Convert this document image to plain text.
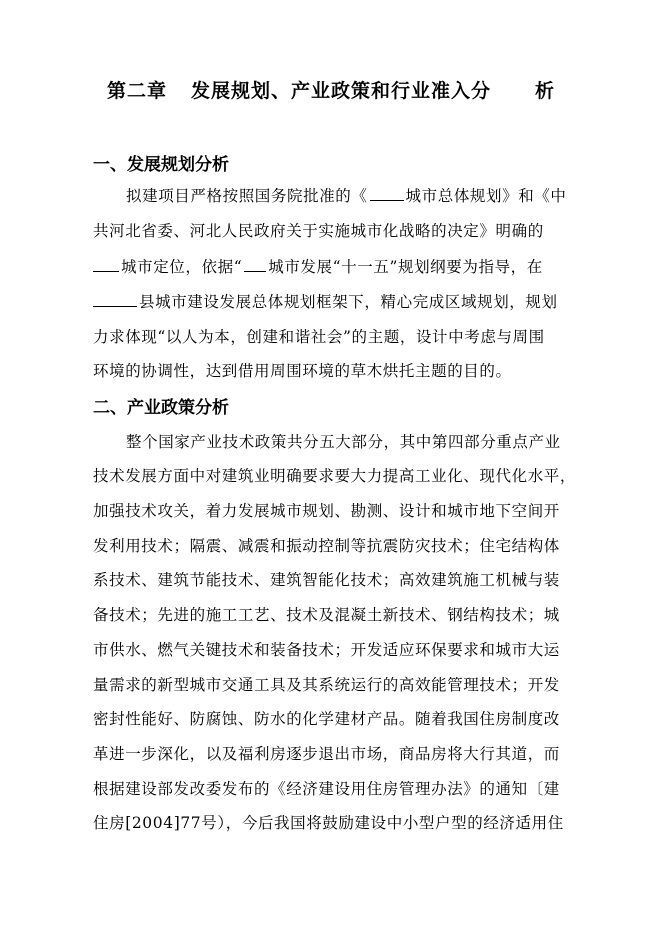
第二章 发展规划、产业政策和行业准入分 析
一、发展规划分析
拟建项目严格按照国务院批准的《 城市总体规划》和《中
共河北省委、河北人民政府关于实施城市化战略的决定》明确的
城市定位，依据“ 城市发展“十一五”规划纲要为指导，在
县城市建设发展总体规划框架下，精心完成区域规划，规划
力求体现“以人为本，创建和谐社会”的主题，设计中考虑与周围
环境的协调性，达到借用周围环境的草木烘托主题的目的。
二、产业政策分析
整个国家产业技术政策共分五大部分，其中第四部分重点产业
技术发展方面中对建筑业明确要求要大力提高工业化、现代化水平，
加强技术攻关，着力发展城市规划、勘测、设计和城市地下空间开
发利用技术；隔震、减震和振动控制等抗震防灾技术；住宅结构体
系技术、建筑节能技术、建筑智能化技术；高效建筑施工机械与装
备技术；先进的施工工艺、技术及混凝土新技术、钢结构技术；城
市供水、燃气关键技术和装备技术；开发适应环保要求和城市大运
量需求的新型城市交通工具及其系统运行的高效能管理技术；开发
密封性能好、防腐蚀、防水的化学建材产品。随着我国住房制度改
革进一步深化，以及福利房逐步退出市场，商品房将大行其道，而
根据建设部发改委发布的《经济建设用住房管理办法》的通知〔建
住房[2004]77号），今后我国将鼓励建设中小型户型的经济适用住
